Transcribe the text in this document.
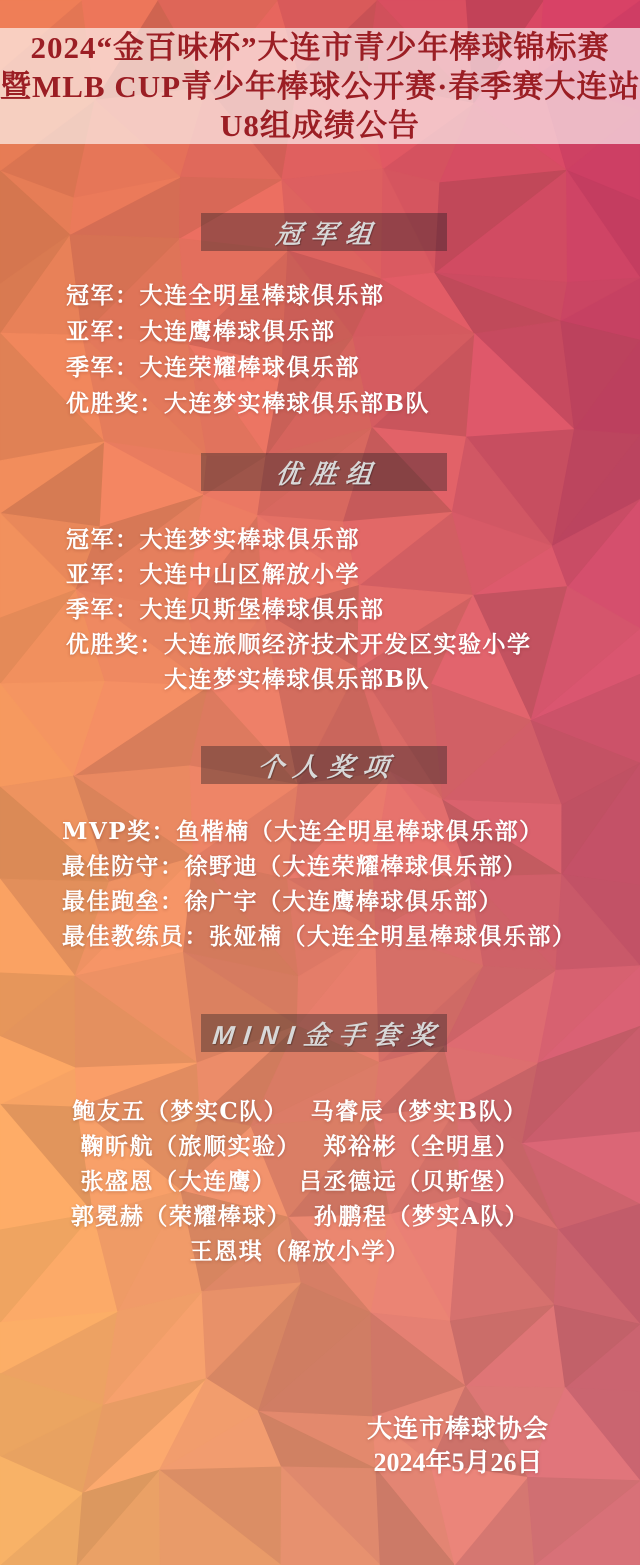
2024“金百味杯”大连市青少年棒球锦标赛
暨MLB CUP青少年棒球公开赛·春季赛大连站
U8组成绩公告
冠军组
冠军：大连全明星棒球俱乐部
亚军：大连鹰棒球俱乐部
季军：大连荣耀棒球俱乐部
优胜奖：大连梦实棒球俱乐部B队
优胜组
冠军：大连梦实棒球俱乐部
亚军：大连中山区解放小学
季军：大连贝斯堡棒球俱乐部
优胜奖：大连旅顺经济技术开发区实验小学
　　　　大连梦实棒球俱乐部B队
个人奖项
MVP奖：鱼楷楠（大连全明星棒球俱乐部）
最佳防守：徐野迪（大连荣耀棒球俱乐部）
最佳跑垒：徐广宇（大连鹰棒球俱乐部）
最佳教练员：张娅楠（大连全明星棒球俱乐部）
MINI金手套奖
鲍友五（梦实C队）　 马睿辰（梦实B队）
鞠昕航（旅顺实验）　 郑裕彬（全明星）
张盛恩（大连鹰）　 吕丞德远（贝斯堡）
郭冕赫（荣耀棒球）　 孙鹏程（梦实A队）
王恩琪（解放小学）
大连市棒球协会
2024年5月26日
